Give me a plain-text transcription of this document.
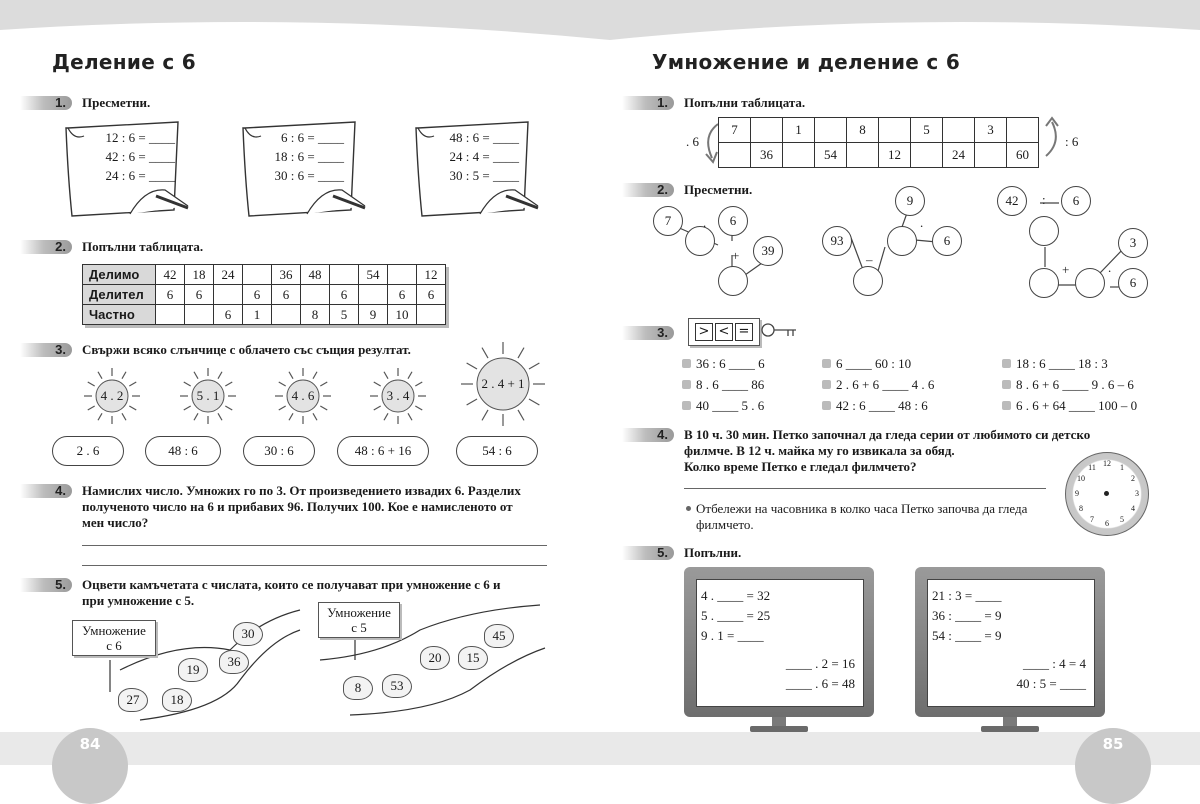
Деление с 6
1.	Пресметни.
12 : 6 = ____
42 : 6 = ____
24 : 6 = ____
6 : 6 = ____
18 : 6 = ____
30 : 6 = ____
48 : 6 = ____
24 : 4 = ____
30 : 5 = ____
2.	Попълни таблицата.
Делимо	42	18	24		36	48		54		12
Делител	6	6		6	6		6		6	6
Частно			6	1		8	5	9	10	
3.	Свържи всяко слънчице с облачето със същия резултат.
4 . 2	5 . 1	4 . 6	3 . 4
2 . 4 + 1
2 . 6	48 : 6	30 : 6	48 : 6 + 16	54 : 6
4.	Намислих число. Умножих го по 3. От произведението извадих 6. Разделих
полученото число на 6 и прибавих 96. Получих 100. Кое е намисленото от
мен число?
5.	Оцвети камъчетата с числата, които се получават при умножение с 6 и
при умножение с 5.
Умножение
с 6
Умножение
с 5
30
19
36
27	18
45
20	15
8	53
Умножение и деление с 6
1.	Попълни таблицата.
. 6	: 6
7		1		8		5		3	
	36		54		12		24		60
2.	Пресметни.
7	6
39
.
+
9
93	6
.
–
42	6
3
6
:
.
+
3.	> < =
36 : 6 ____ 6
8 . 6 ____ 86
40 ____ 5 . 6
6 ____ 60 : 10
2 . 6 + 6 ____ 4 . 6
42 : 6 ____ 48 : 6
18 : 6 ____ 18 : 3
8 . 6 + 6 ____ 9 . 6 – 6
6 . 6 + 64 ____ 100 – 0
4.	В 10 ч. 30 мин. Петко започнал да гледа серии от любимото си детско
филмче. В 12 ч. майка му го извикала за обяд.
Колко време Петко е гледал филмчето?
Отбележи на часовника в колко часа Петко започва да гледа
филмчето.
12	1
2
3
4
5
6
7
8
9
10
11
5.	Попълни.
4 . ____ = 32
5 . ____ = 25
9 . 1 = ____
____ . 2 = 16
____ . 6 = 48
21 : 3 = ____
36 : ____ = 9
54 : ____ = 9
____ : 4 = 4
40 : 5 = ____
84	85
